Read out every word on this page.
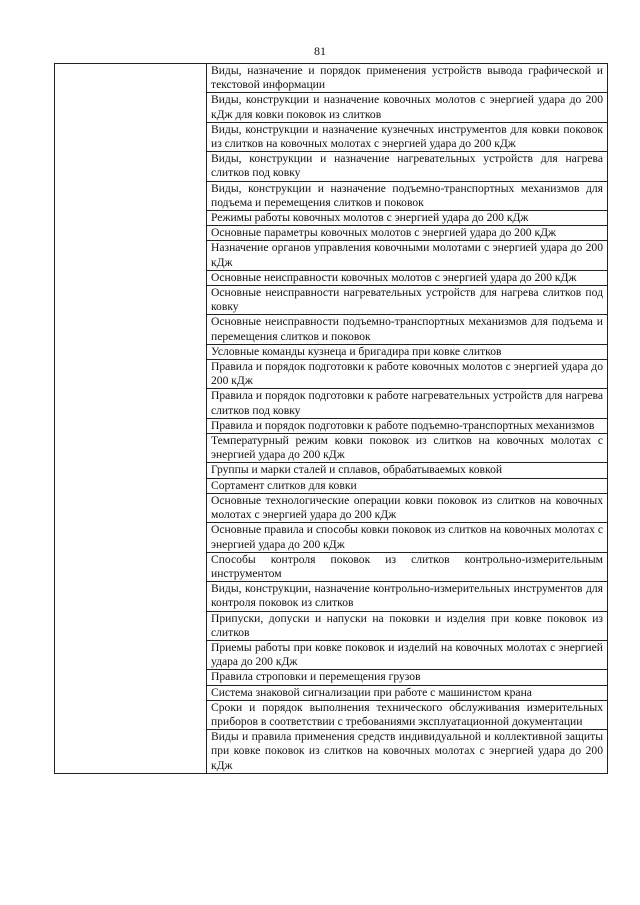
81
	Виды, назначение и порядок применения устройств вывода графической и текстовой информации
Виды, конструкции и назначение ковочных молотов с энергией удара до 200 кДж для ковки поковок из слитков
Виды, конструкции и назначение кузнечных инструментов для ковки поковок из слитков на ковочных молотах с энергией удара до 200 кДж
Виды, конструкции и назначение нагревательных устройств для нагрева слитков под ковку
Виды, конструкции и назначение подъемно-транспортных механизмов для подъема и перемещения слитков и поковок
Режимы работы ковочных молотов с энергией удара до 200 кДж
Основные параметры ковочных молотов с энергией удара до 200 кДж
Назначение органов управления ковочными молотами с энергией удара до 200 кДж
Основные неисправности ковочных молотов с энергией удара до 200 кДж
Основные неисправности нагревательных устройств для нагрева слитков под ковку
Основные неисправности подъемно-транспортных механизмов для подъема и перемещения слитков и поковок
Условные команды кузнеца и бригадира при ковке слитков
Правила и порядок подготовки к работе ковочных молотов с энергией удара до 200 кДж
Правила и порядок подготовки к работе нагревательных устройств для нагрева слитков под ковку
Правила и порядок подготовки к работе подъемно-транспортных механизмов
Температурный режим ковки поковок из слитков на ковочных молотах с энергией удара до 200 кДж
Группы и марки сталей и сплавов, обрабатываемых ковкой
Сортамент слитков для ковки
Основные технологические операции ковки поковок из слитков на ковочных молотах с энергией удара до 200 кДж
Основные правила и способы ковки поковок из слитков на ковочных молотах с энергией удара до 200 кДж
Способы контроля поковок из слитков контрольно-измерительным инструментом
Виды, конструкции, назначение контрольно-измерительных инструментов для контроля поковок из слитков
Припуски, допуски и напуски на поковки и изделия при ковке поковок из слитков
Приемы работы при ковке поковок и изделий на ковочных молотах с энергией удара до 200 кДж
Правила строповки и перемещения грузов
Система знаковой сигнализации при работе с машинистом крана
Сроки и порядок выполнения технического обслуживания измерительных приборов в соответствии с требованиями эксплуатационной документации
Виды и правила применения средств индивидуальной и коллективной защиты при ковке поковок из слитков на ковочных молотах с энергией удара до 200 кДж
